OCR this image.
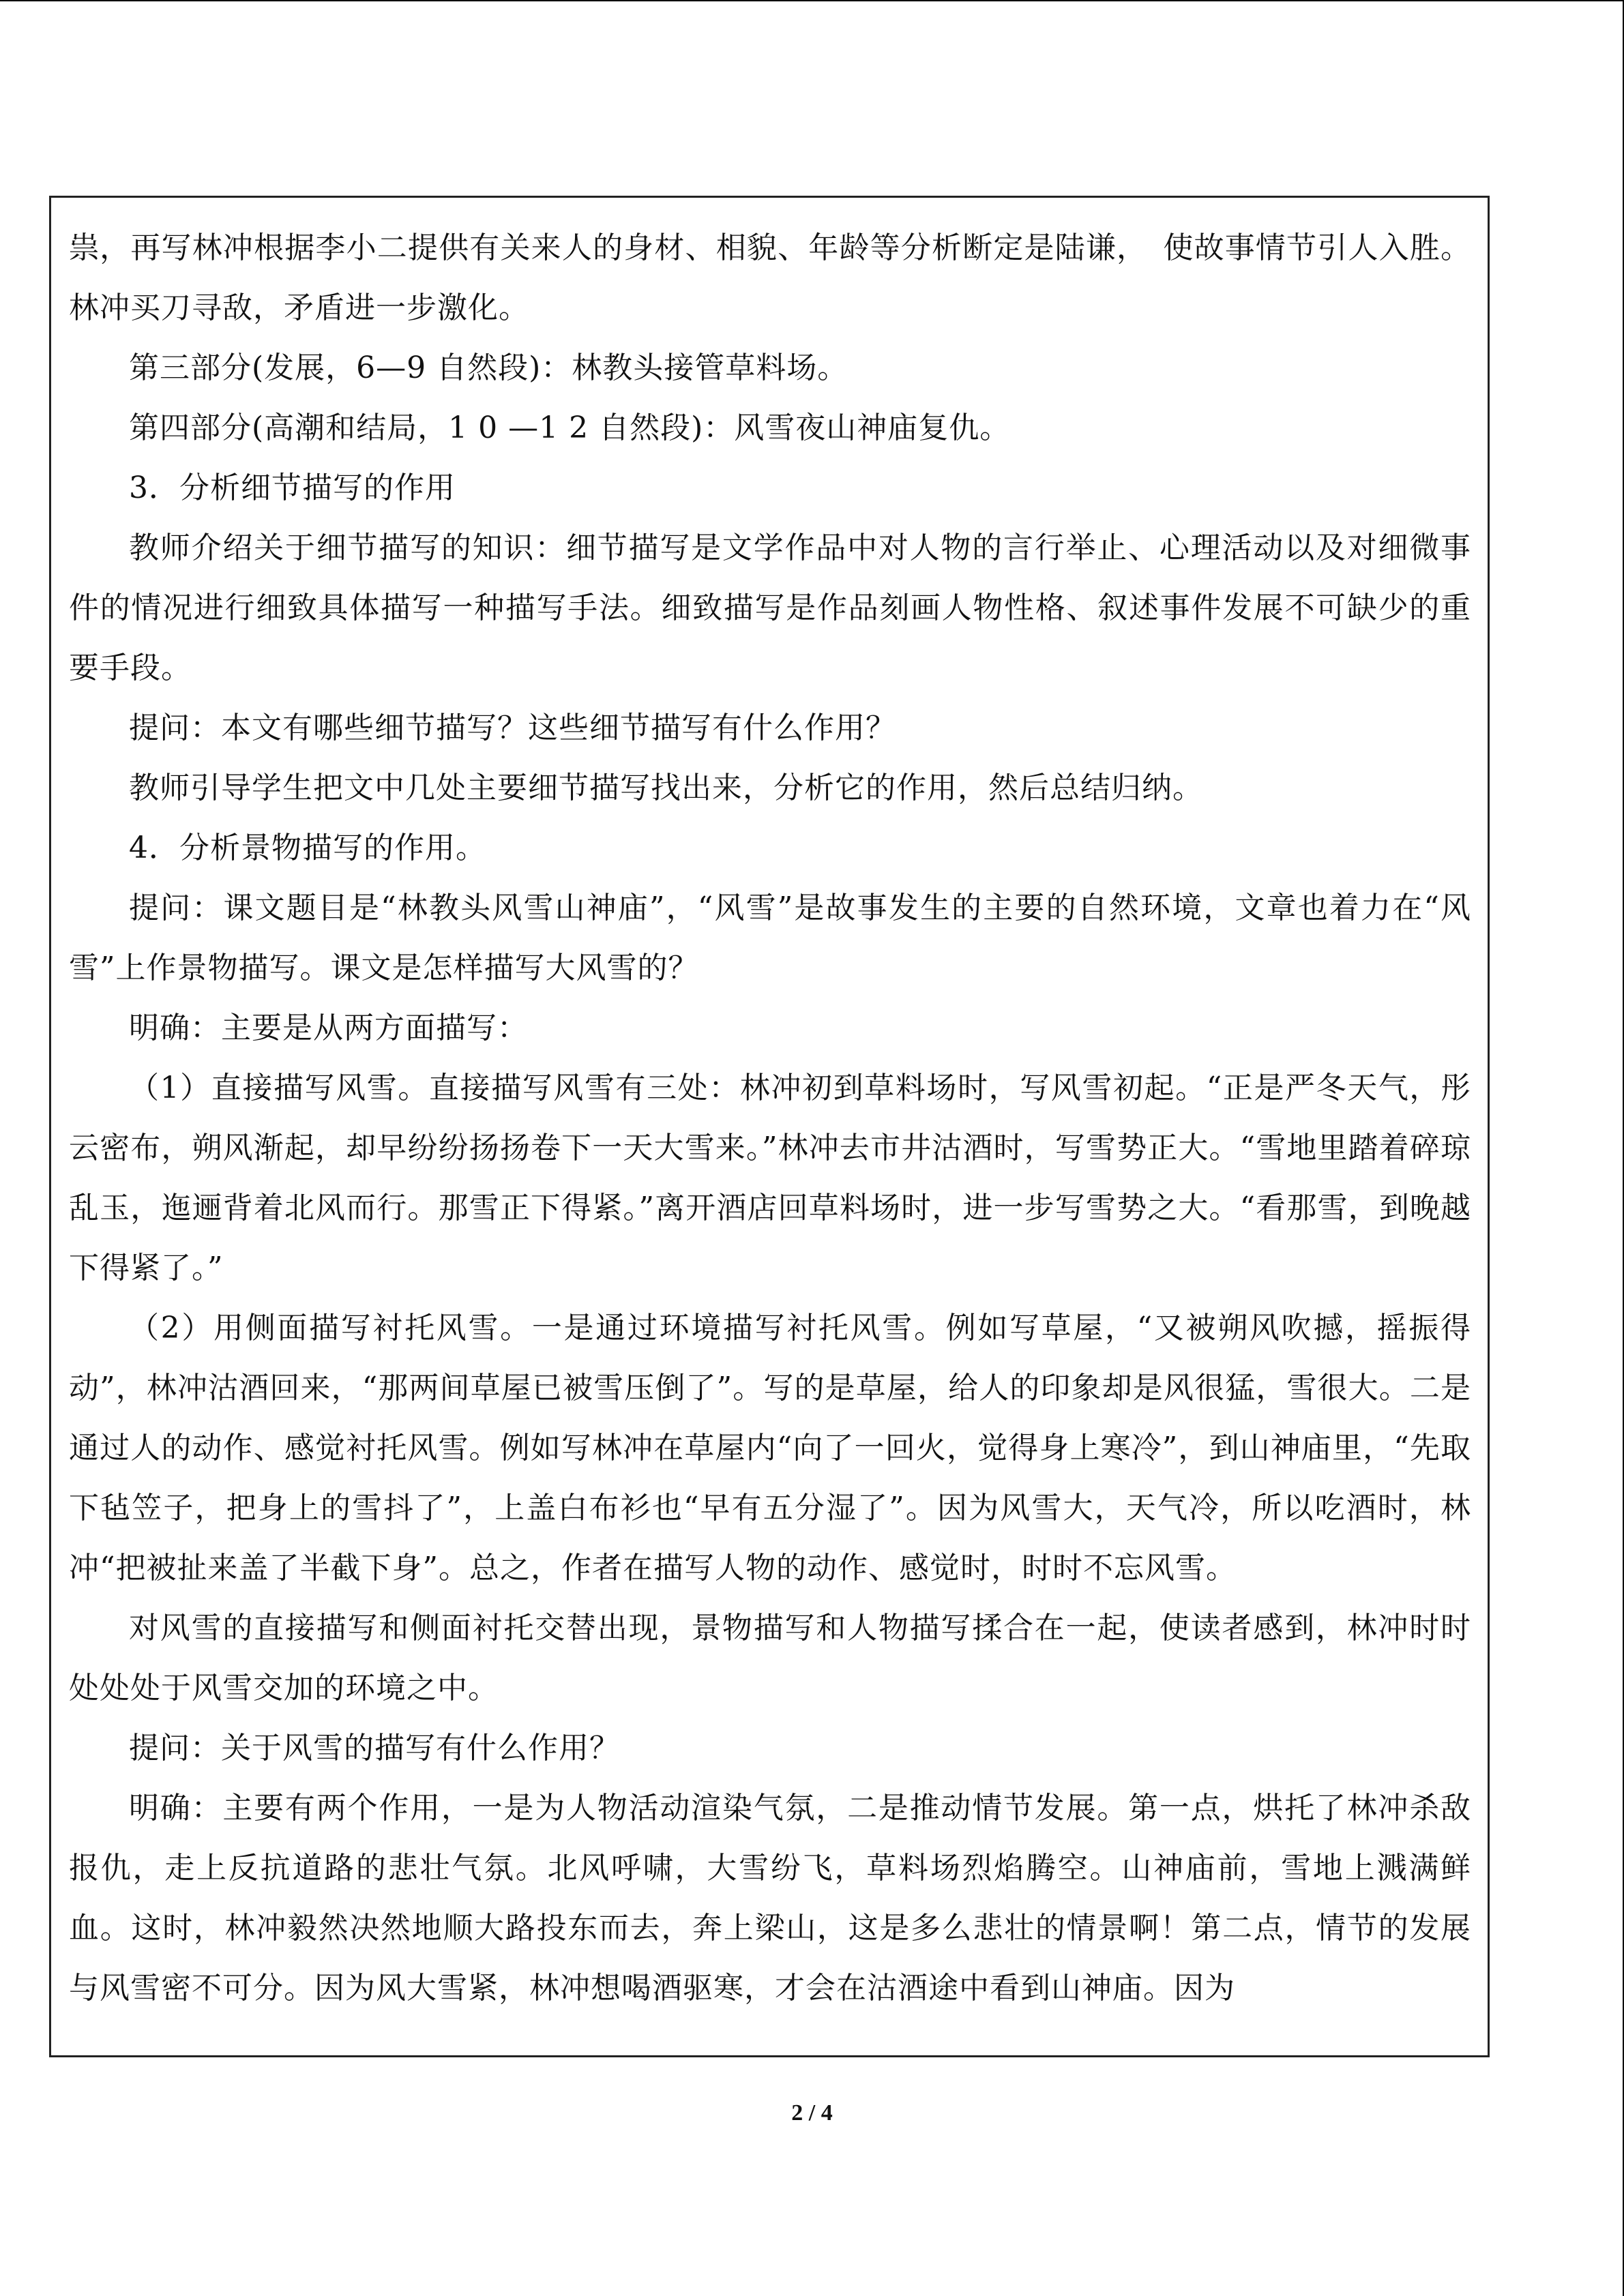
祟，再写林冲根据李小二提供有关来人的身材、相貌、年龄等分析断定是陆谦，　使故事情节引人入胜。林冲买刀寻敌，矛盾进一步激化。

第三部分(发展，6—9 自然段)：林教头接管草料场。

第四部分(高潮和结局，1 0 —1 2 自然段)：风雪夜山神庙复仇。

3．分析细节描写的作用

教师介绍关于细节描写的知识：细节描写是文学作品中对人物的言行举止、心理活动以及对细微事件的情况进行细致具体描写一种描写手法。细致描写是作品刻画人物性格、叙述事件发展不可缺少的重要手段。

提问：本文有哪些细节描写？这些细节描写有什么作用？

教师引导学生把文中几处主要细节描写找出来，分析它的作用，然后总结归纳。

4．分析景物描写的作用。

提问：课文题目是“林教头风雪山神庙”，“风雪”是故事发生的主要的自然环境，文章也着力在“风雪”上作景物描写。课文是怎样描写大风雪的？

明确：主要是从两方面描写：

（1）直接描写风雪。直接描写风雪有三处：林冲初到草料场时，写风雪初起。“正是严冬天气，彤云密布，朔风渐起，却早纷纷扬扬卷下一天大雪来。”林冲去市井沽酒时，写雪势正大。“雪地里踏着碎琼乱玉，迤逦背着北风而行。那雪正下得紧。”离开酒店回草料场时，进一步写雪势之大。“看那雪，到晚越下得紧了。”

（2）用侧面描写衬托风雪。一是通过环境描写衬托风雪。例如写草屋，“又被朔风吹撼，摇振得动”，林冲沽酒回来，“那两间草屋已被雪压倒了”。写的是草屋，给人的印象却是风很猛，雪很大。二是通过人的动作、感觉衬托风雪。例如写林冲在草屋内“向了一回火，觉得身上寒冷”，到山神庙里，“先取下毡笠子，把身上的雪抖了”，上盖白布衫也“早有五分湿了”。因为风雪大，天气冷，所以吃酒时，林冲“把被扯来盖了半截下身”。总之，作者在描写人物的动作、感觉时，时时不忘风雪。

对风雪的直接描写和侧面衬托交替出现，景物描写和人物描写揉合在一起，使读者感到，林冲时时处处处于风雪交加的环境之中。

提问：关于风雪的描写有什么作用？

明确：主要有两个作用，一是为人物活动渲染气氛，二是推动情节发展。第一点，烘托了林冲杀敌报仇，走上反抗道路的悲壮气氛。北风呼啸，大雪纷飞，草料场烈焰腾空。山神庙前，雪地上溅满鲜血。这时，林冲毅然决然地顺大路投东而去，奔上梁山，这是多么悲壮的情景啊！第二点，情节的发展与风雪密不可分。因为风大雪紧，林冲想喝酒驱寒，才会在沽酒途中看到山神庙。因为

2 / 4
